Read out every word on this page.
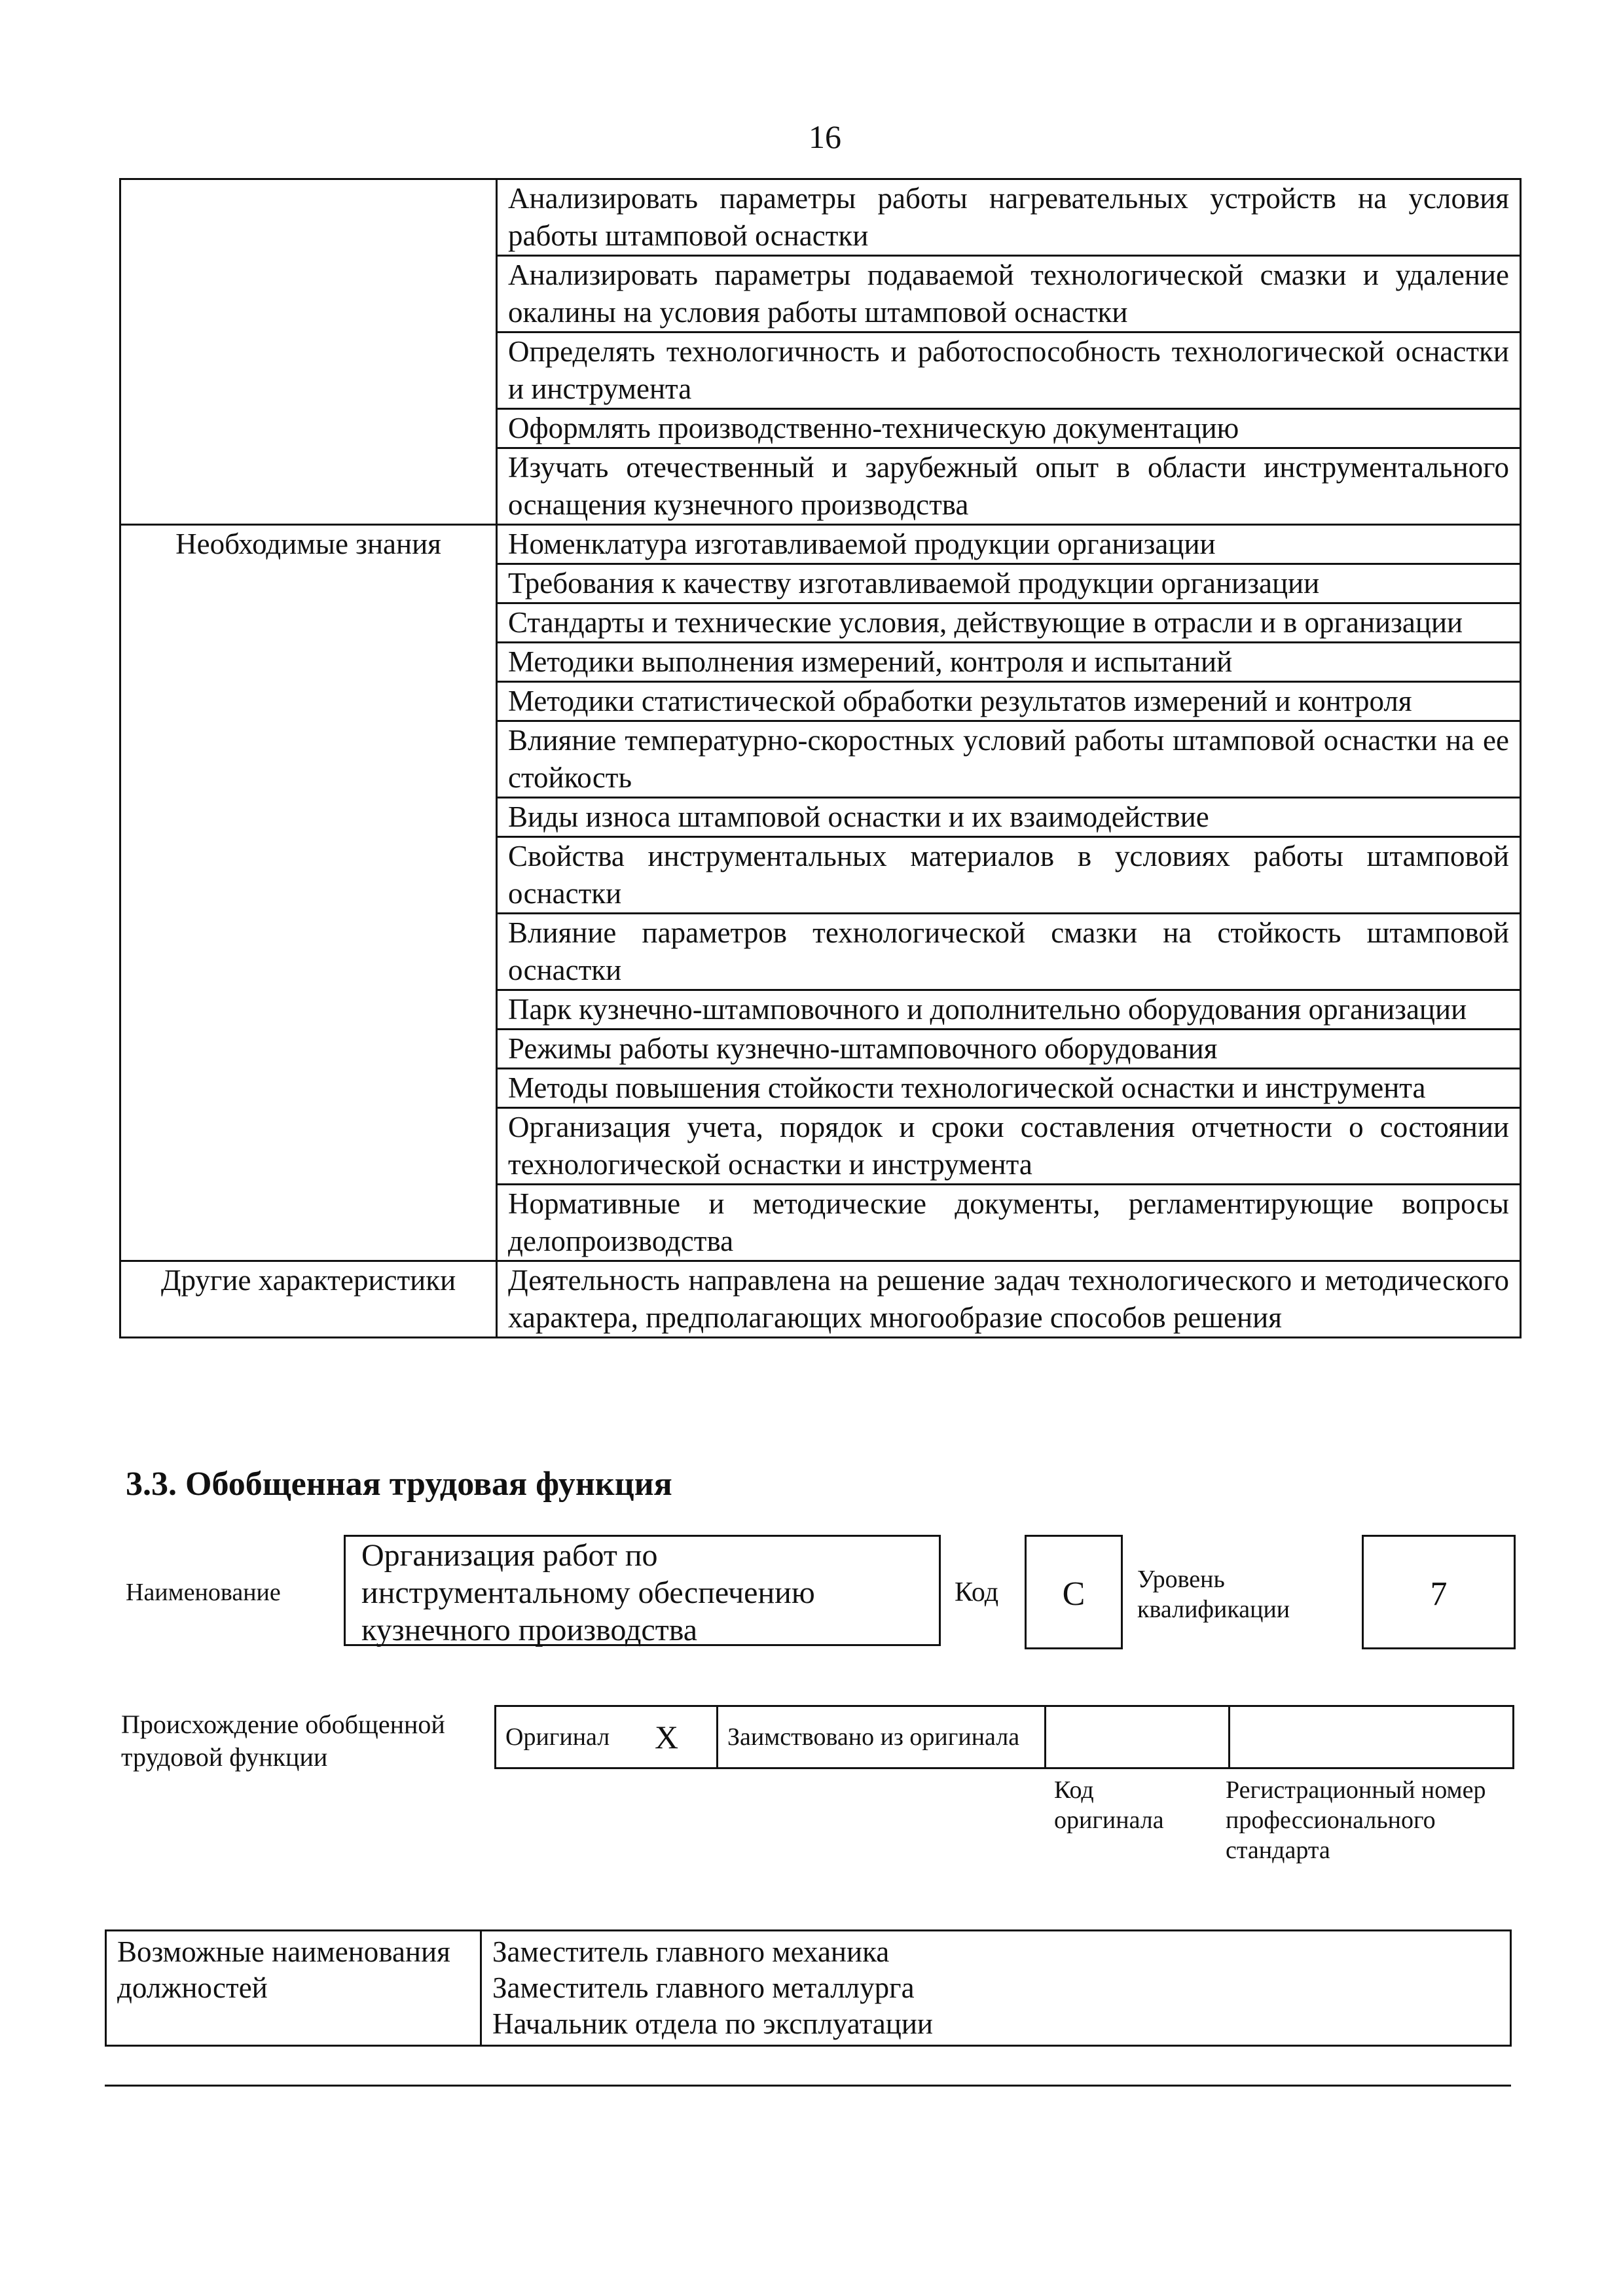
16
	Анализировать параметры работы нагревательных устройств на условия работы штамповой оснастки
	Анализировать параметры подаваемой технологической смазки и удаление окалины на условия работы штамповой оснастки
	Определять технологичность и работоспособность технологической оснастки и инструмента
	Оформлять производственно-техническую документацию
	Изучать отечественный и зарубежный опыт в области инструментального оснащения кузнечного производства
Необходимые знания	Номенклатура изготавливаемой продукции организации
	Требования к качеству изготавливаемой продукции организации
	Стандарты и технические условия, действующие в отрасли и в организации
	Методики выполнения измерений, контроля и испытаний
	Методики статистической обработки результатов измерений и контроля
	Влияние температурно-скоростных условий работы штамповой оснастки на ее стойкость
	Виды износа штамповой оснастки и их взаимодействие
	Свойства инструментальных материалов в условиях работы штамповой оснастки
	Влияние параметров технологической смазки на стойкость штамповой оснастки
	Парк кузнечно-штамповочного и дополнительно оборудования организации
	Режимы работы кузнечно-штамповочного оборудования
	Методы повышения стойкости технологической оснастки и инструмента
	Организация учета, порядок и сроки составления отчетности о состоянии технологической оснастки и инструмента
	Нормативные и методические документы, регламентирующие вопросы делопроизводства
Другие характеристики	Деятельность направлена на решение задач технологического и методического характера, предполагающих многообразие способов решения
3.3. Обобщенная трудовая функция
Наименование
Организация работ по инструментальному обеспечению кузнечного производства
Код	C	Уровень квалификации	7
Происхождение обобщенной трудовой функции
Оригинал	X	Заимствовано из оригинала		
Код оригинала
Регистрационный номер профессионального стандарта
Возможные наименования должностей	
Заместитель главного механика
Заместитель главного металлурга
Начальник отдела по эксплуатации
